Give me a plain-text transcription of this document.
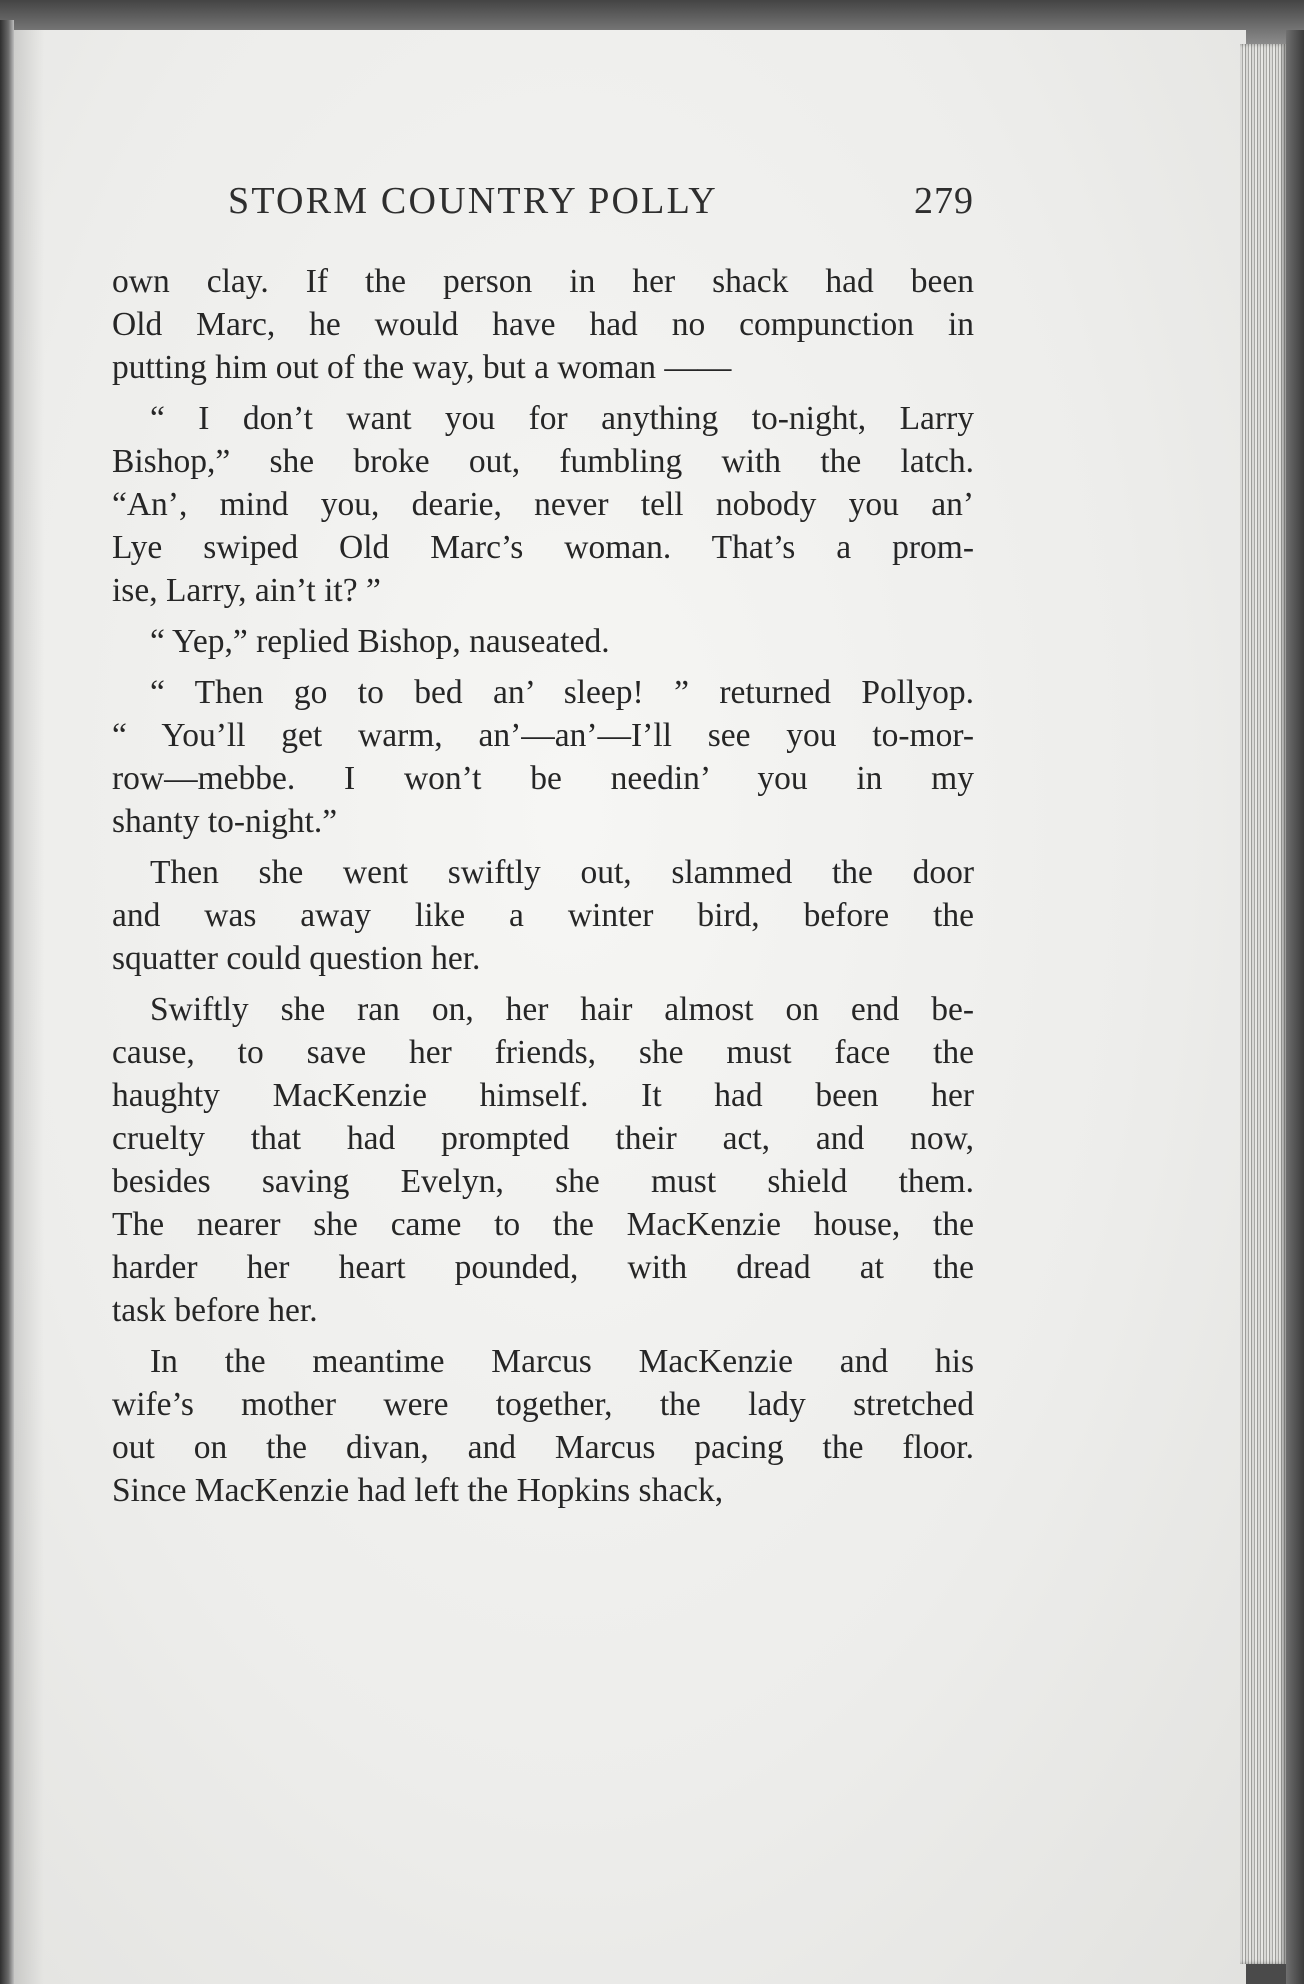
STORM COUNTRY POLLY	279
own clay. If the person in her shack had been
Old Marc, he would have had no compunction in
putting him out of the way, but a woman ——
“ I don’t want you for anything to-night, Larry
Bishop,” she broke out, fumbling with the latch.
“An’, mind you, dearie, never tell nobody you an’
Lye swiped Old Marc’s woman. That’s a prom-
ise, Larry, ain’t it? ”
“ Yep,” replied Bishop, nauseated.
“ Then go to bed an’ sleep! ” returned Pollyop.
“ You’ll get warm, an’—an’—I’ll see you to-mor-
row—mebbe. I won’t be needin’ you in my
shanty to-night.”
Then she went swiftly out, slammed the door
and was away like a winter bird, before the
squatter could question her.
Swiftly she ran on, her hair almost on end be-
cause, to save her friends, she must face the
haughty MacKenzie himself. It had been her
cruelty that had prompted their act, and now,
besides saving Evelyn, she must shield them.
The nearer she came to the MacKenzie house, the
harder her heart pounded, with dread at the
task before her.
In the meantime Marcus MacKenzie and his
wife’s mother were together, the lady stretched
out on the divan, and Marcus pacing the floor.
Since MacKenzie had left the Hopkins shack,
